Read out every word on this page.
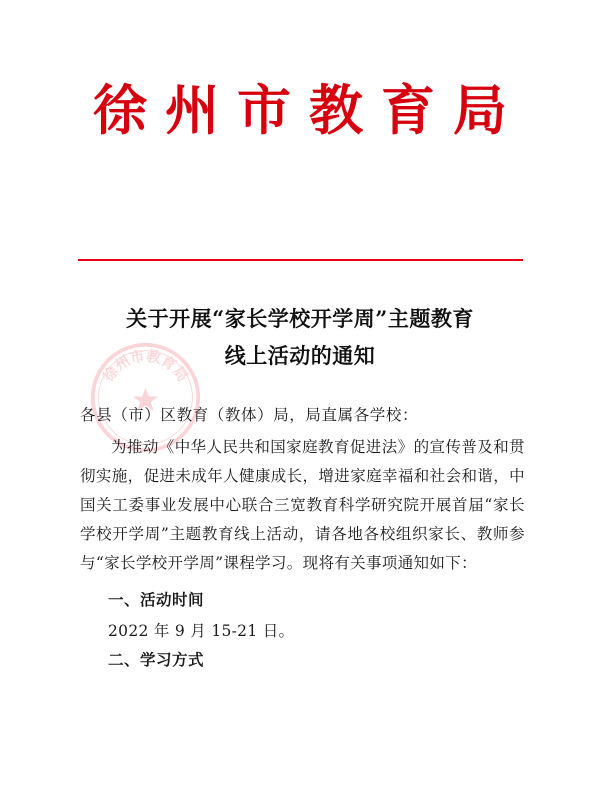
徐州市教育局
关于开展“家长学校开学周”主题教育
线上活动的通知
徐州市教育局
各县（市）区教育（教体）局，局直属各学校：
为推动《中华人民共和国家庭教育促进法》的宣传普及和贯彻实施，促进未成年人健康成长，增进家庭幸福和社会和谐，中国关工委事业发展中心联合三宽教育科学研究院开展首届“家长学校开学周”主题教育线上活动，请各地各校组织家长、教师参与“家长学校开学周”课程学习。现将有关事项通知如下：
一、活动时间
2022 年 9 月 15-21 日。
二、学习方式
